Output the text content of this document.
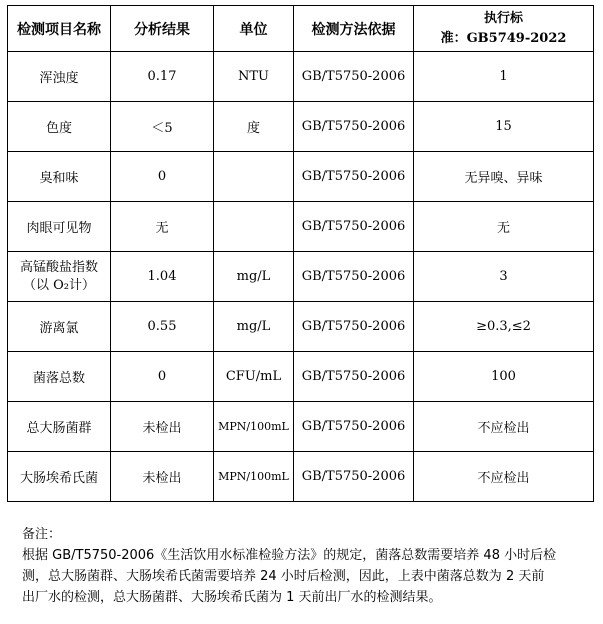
检测项目名称	分析结果	单位	检测方法依据	执行标
准：GB5749-2022

浑浊度	0.17	NTU	GB/T5750-2006	1
色度	＜5	度	GB/T5750-2006	15
臭和味	0		GB/T5750-2006	无异嗅、异味
肉眼可见物	无		GB/T5750-2006	无

高锰酸盐指数
（以 O₂计）	1.04	mg/L	GB/T5750-2006	3
游离氯	0.55	mg/L	GB/T5750-2006	≥0.3,≤2
菌落总数	0	CFU/mL	GB/T5750-2006	100
总大肠菌群	未检出	MPN/100mL	GB/T5750-2006	不应检出
大肠埃希氏菌	未检出	MPN/100mL	GB/T5750-2006	不应检出

备注：

根据 GB/T5750-2006《生活饮用水标准检验方法》的规定，菌落总数需要培养 48 小时后检

测，总大肠菌群、大肠埃希氏菌需要培养 24 小时后检测，因此，上表中菌落总数为 2 天前

出厂水的检测，总大肠菌群、大肠埃希氏菌为 1 天前出厂水的检测结果。
